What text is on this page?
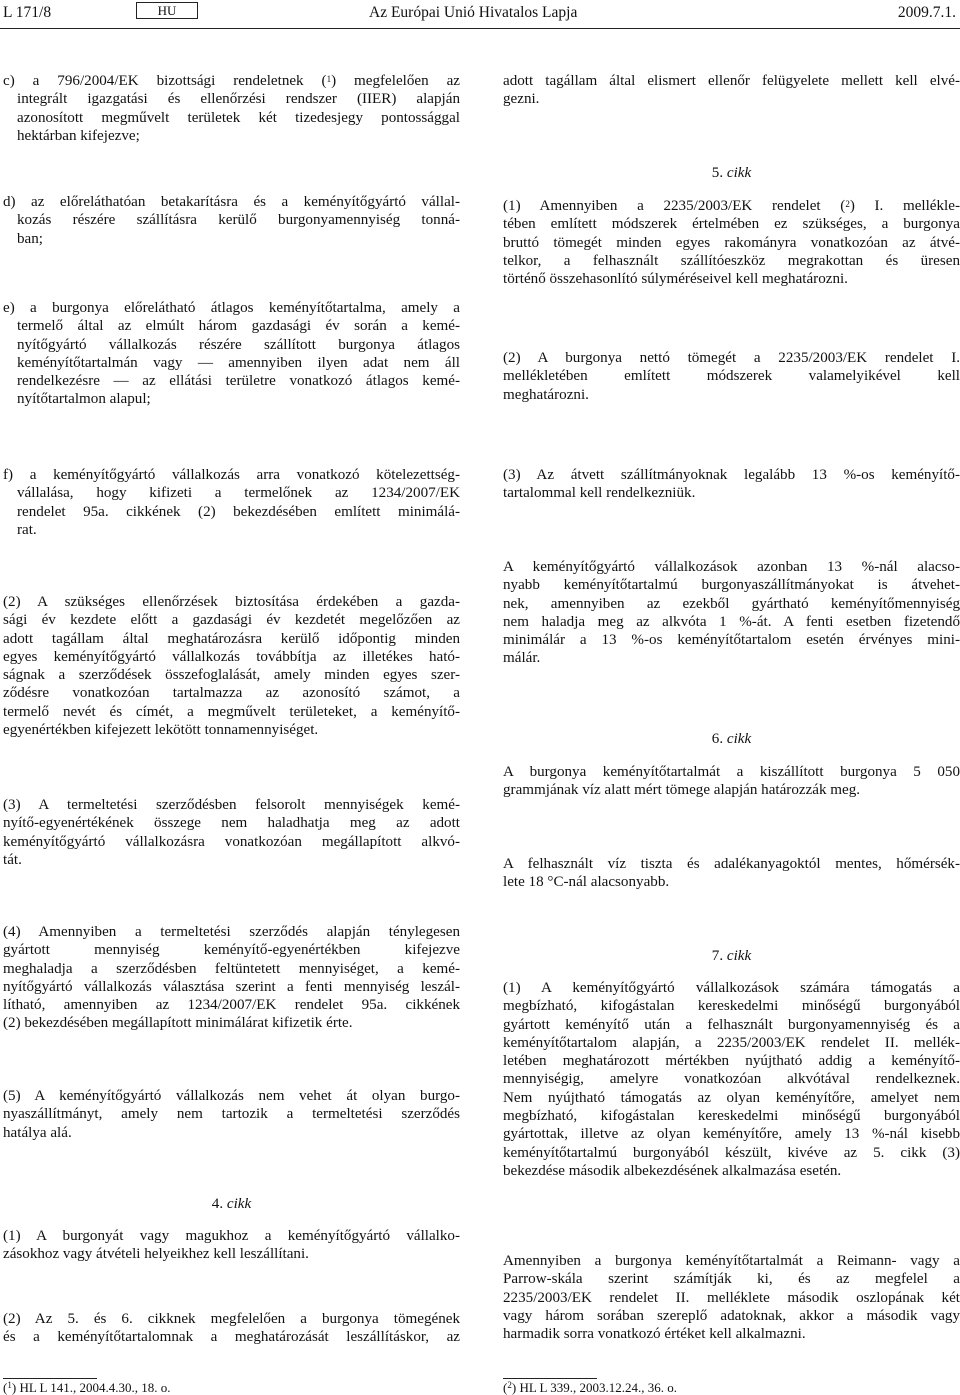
L 171/8	HU	Az Európai Unió Hivatalos Lapja	2009.7.1.

c) a 796/2004/EK bizottsági rendeletnek ($^1$) megfelelően az

integrált igazgatási és ellenőrzési rendszer (IIER) alapján

azonosított megművelt területek két tizedesjegy pontossággal

hektárban kifejezve;

d) az előreláthatóan betakarításra és a keményítőgyártó vállal-

kozás részére szállításra kerülő burgonyamennyiség tonná-

ban;

e) a burgonya előrelátható átlagos keményítőtartalma, amely a

termelő által az elmúlt három gazdasági év során a kemé-

nyítőgyártó vállalkozás részére szállított burgonya átlagos

keményítőtartalmán vagy — amennyiben ilyen adat nem áll

rendelkezésre — az ellátási területre vonatkozó átlagos kemé-

nyítőtartalmon alapul;

f) a keményítőgyártó vállalkozás arra vonatkozó kötelezettség-

vállalása, hogy kifizeti a termelőnek az 1234/2007/EK

rendelet 95a. cikkének (2) bekezdésében említett minimálá-

rat.

(2) A szükséges ellenőrzések biztosítása érdekében a gazda-

sági év kezdete előtt a gazdasági év kezdetét megelőzően az

adott tagállam által meghatározásra kerülő időpontig minden

egyes keményítőgyártó vállalkozás továbbítja az illetékes ható-

ságnak a szerződések összefoglalását, amely minden egyes szer-

ződésre vonatkozóan tartalmazza az azonosító számot, a

termelő nevét és címét, a megművelt területeket, a keményítő-

egyenértékben kifejezett lekötött tonnamennyiséget.

(3) A termeltetési szerződésben felsorolt mennyiségek kemé-

nyítő-egyenértékének összege nem haladhatja meg az adott

keményítőgyártó vállalkozásra vonatkozóan megállapított alkvó-

tát.

(4) Amennyiben a termeltetési szerződés alapján ténylegesen

gyártott mennyiség keményítő-egyenértékben kifejezve

meghaladja a szerződésben feltüntetett mennyiséget, a kemé-

nyítőgyártó vállalkozás választása szerint a fenti mennyiség leszál-

lítható, amennyiben az 1234/2007/EK rendelet 95a. cikkének

(2) bekezdésében megállapított minimálárat kifizetik érte.

(5) A keményítőgyártó vállalkozás nem vehet át olyan burgo-

nyaszállítmányt, amely nem tartozik a termeltetési szerződés

hatálya alá.

4. cikk

(1) A burgonyát vagy magukhoz a keményítőgyártó vállalko-

zásokhoz vagy átvételi helyeikhez kell leszállítani.

(2) Az 5. és 6. cikknek megfelelően a burgonya tömegének

és a keményítőtartalomnak a meghatározását leszállításkor, az

adott tagállam által elismert ellenőr felügyelete mellett kell elvé-

gezni.

5. cikk

(1) Amennyiben a 2235/2003/EK rendelet ($^2$) I. mellékle-

tében említett módszerek értelmében ez szükséges, a burgonya

bruttó tömegét minden egyes rakományra vonatkozóan az átvé-

telkor, a felhasznált szállítóeszköz megrakottan és üresen

történő összehasonlító súlyméréseivel kell meghatározni.

(2) A burgonya nettó tömegét a 2235/2003/EK rendelet I.

mellékletében említett módszerek valamelyikével kell

meghatározni.

(3) Az átvett szállítmányoknak legalább 13 %-os keményítő-

tartalommal kell rendelkezniük.

A keményítőgyártó vállalkozások azonban 13 %-nál alacso-

nyabb keményítőtartalmú burgonyaszállítmányokat is átvehet-

nek, amennyiben az ezekből gyártható keményítőmennyiség

nem haladja meg az alkvóta 1 %-át. A fenti esetben fizetendő

minimálár a 13 %-os keményítőtartalom esetén érvényes mini-

málár.

6. cikk

A burgonya keményítőtartalmát a kiszállított burgonya 5 050

grammjának víz alatt mért tömege alapján határozzák meg.

A felhasznált víz tiszta és adalékanyagoktól mentes, hőmérsék-

lete 18 °C-nál alacsonyabb.

7. cikk

(1) A keményítőgyártó vállalkozások számára támogatás a

megbízható, kifogástalan kereskedelmi minőségű burgonyából

gyártott keményítő után a felhasznált burgonyamennyiség és a

keményítőtartalom alapján, a 2235/2003/EK rendelet II. mellék-

letében meghatározott mértékben nyújtható addig a keményítő-

mennyiségig, amelyre vonatkozóan alkvótával rendelkeznek.

Nem nyújtható támogatás az olyan keményítőre, amelyet nem

megbízható, kifogástalan kereskedelmi minőségű burgonyából

gyártottak, illetve az olyan keményítőre, amely 13 %-nál kisebb

keményítőtartalmú burgonyából készült, kivéve az 5. cikk (3)

bekezdése második albekezdésének alkalmazása esetén.

Amennyiben a burgonya keményítőtartalmát a Reimann- vagy a

Parrow-skála szerint számítják ki, és az megfelel a

2235/2003/EK rendelet II. melléklete második oszlopának két

vagy három sorában szereplő adatoknak, akkor a második vagy

harmadik sorra vonatkozó értéket kell alkalmazni.

($^1$) HL L 141., 2004.4.30., 18. o.	($^2$) HL L 339., 2003.12.24., 36. o.
